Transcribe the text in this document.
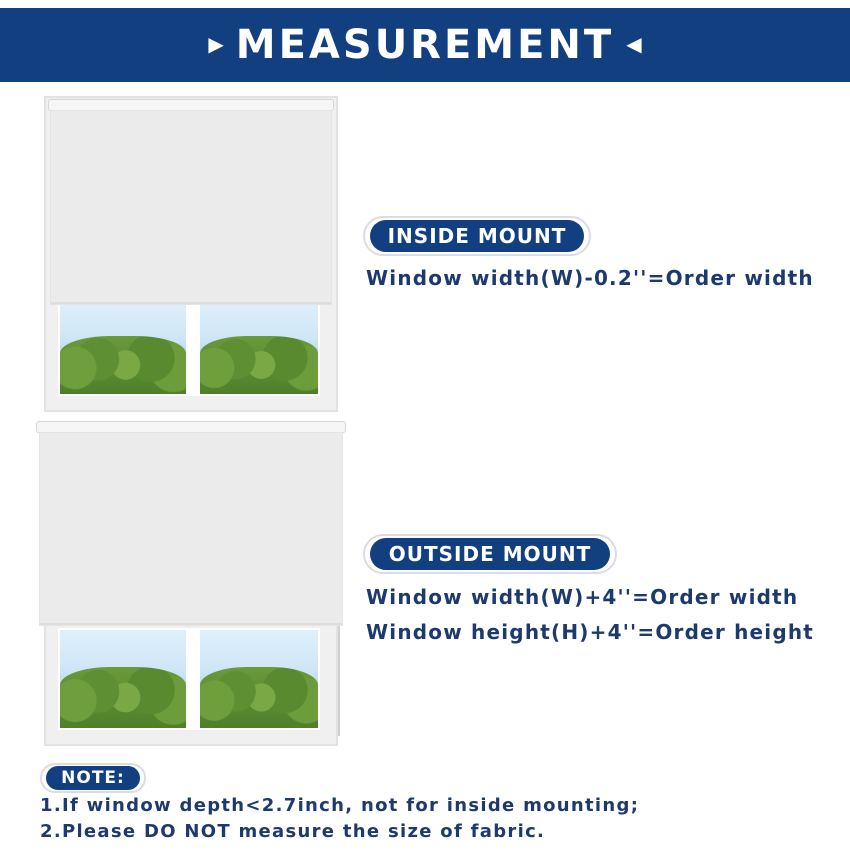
▶ MEASUREMENT ◀
INSIDE MOUNT
Window width(W)-0.2''=Order width
OUTSIDE MOUNT
Window width(W)+4''=Order width
Window height(H)+4''=Order height
NOTE:
1.If window depth<2.7inch, not for inside mounting;
2.Please DO NOT measure the size of fabric.
